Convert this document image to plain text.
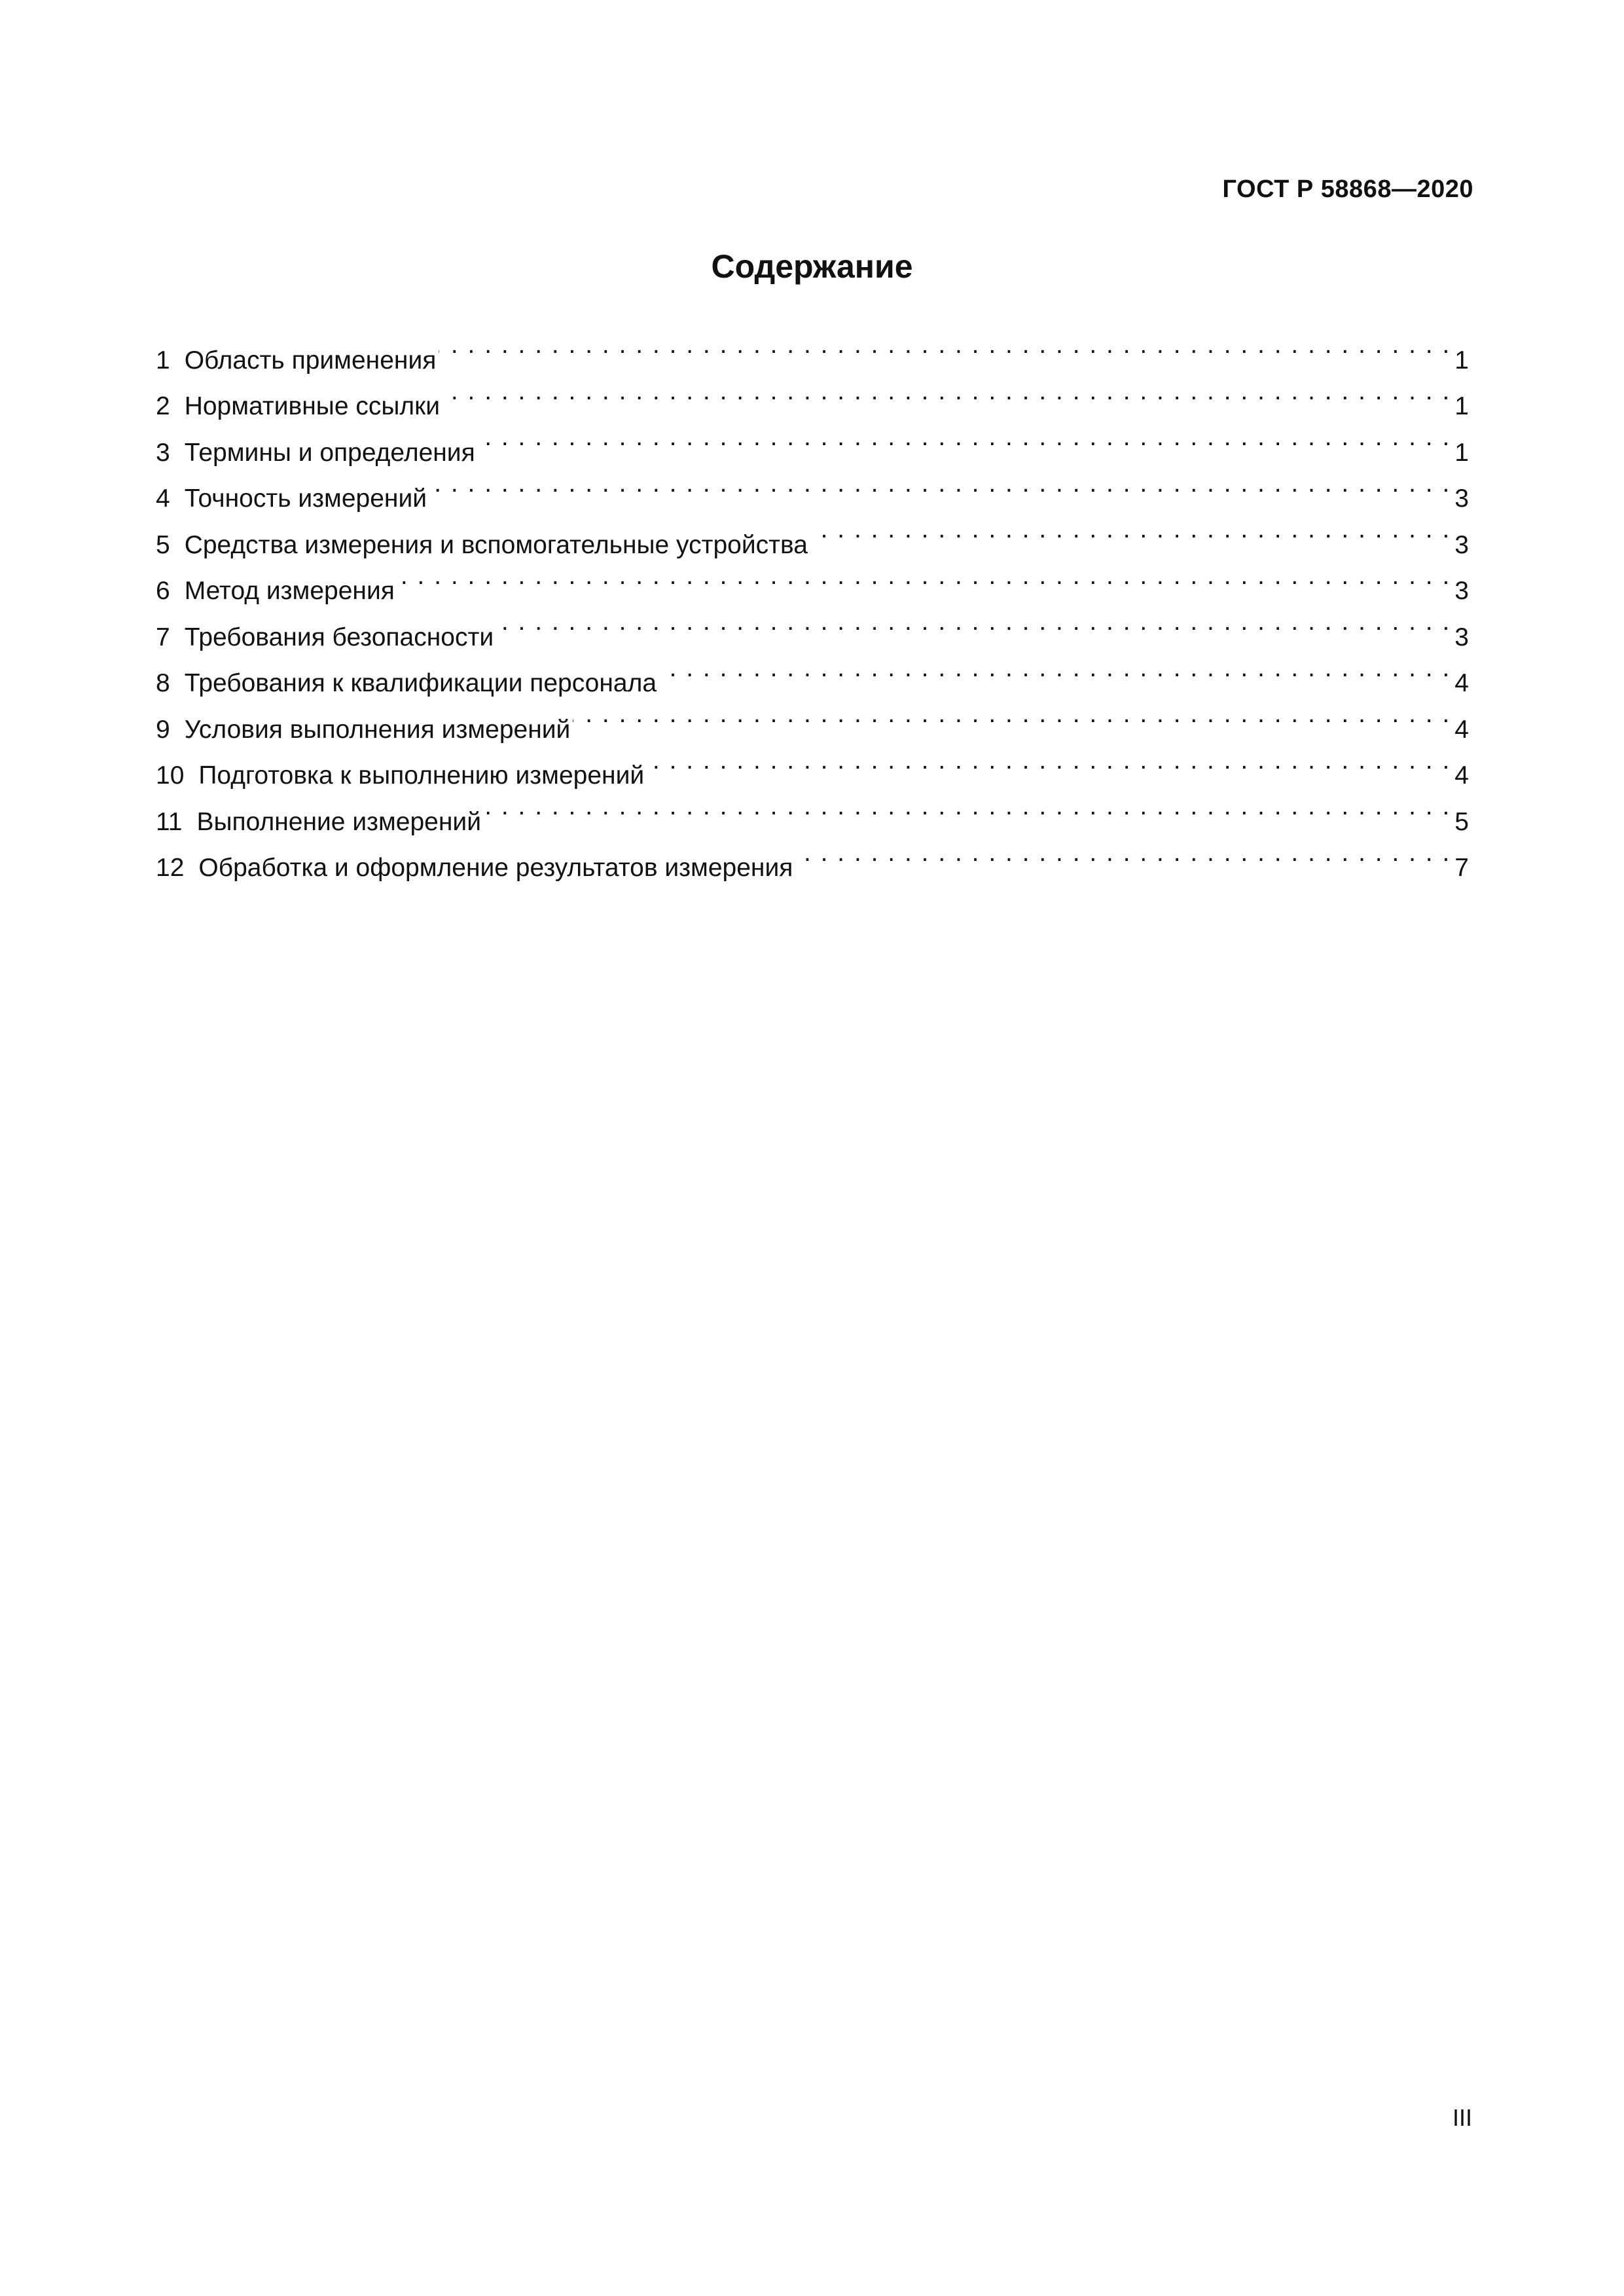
ГОСТ Р 58868—2020
Содержание
1 Область применения . . .	1
2 Нормативные ссылки . . .	1
3 Термины и определения . . .	1
4 Точность измерений . . .	3
5 Средства измерения и вспомогательные устройства . . .	3
6 Метод измерения . . .	3
7 Требования безопасности . . .	3
8 Требования к квалификации персонала . . .	4
9 Условия выполнения измерений . . .	4
10 Подготовка к выполнению измерений . . .	4
11 Выполнение измерений . . .	5
12 Обработка и оформление результатов измерения . . .	7
III
